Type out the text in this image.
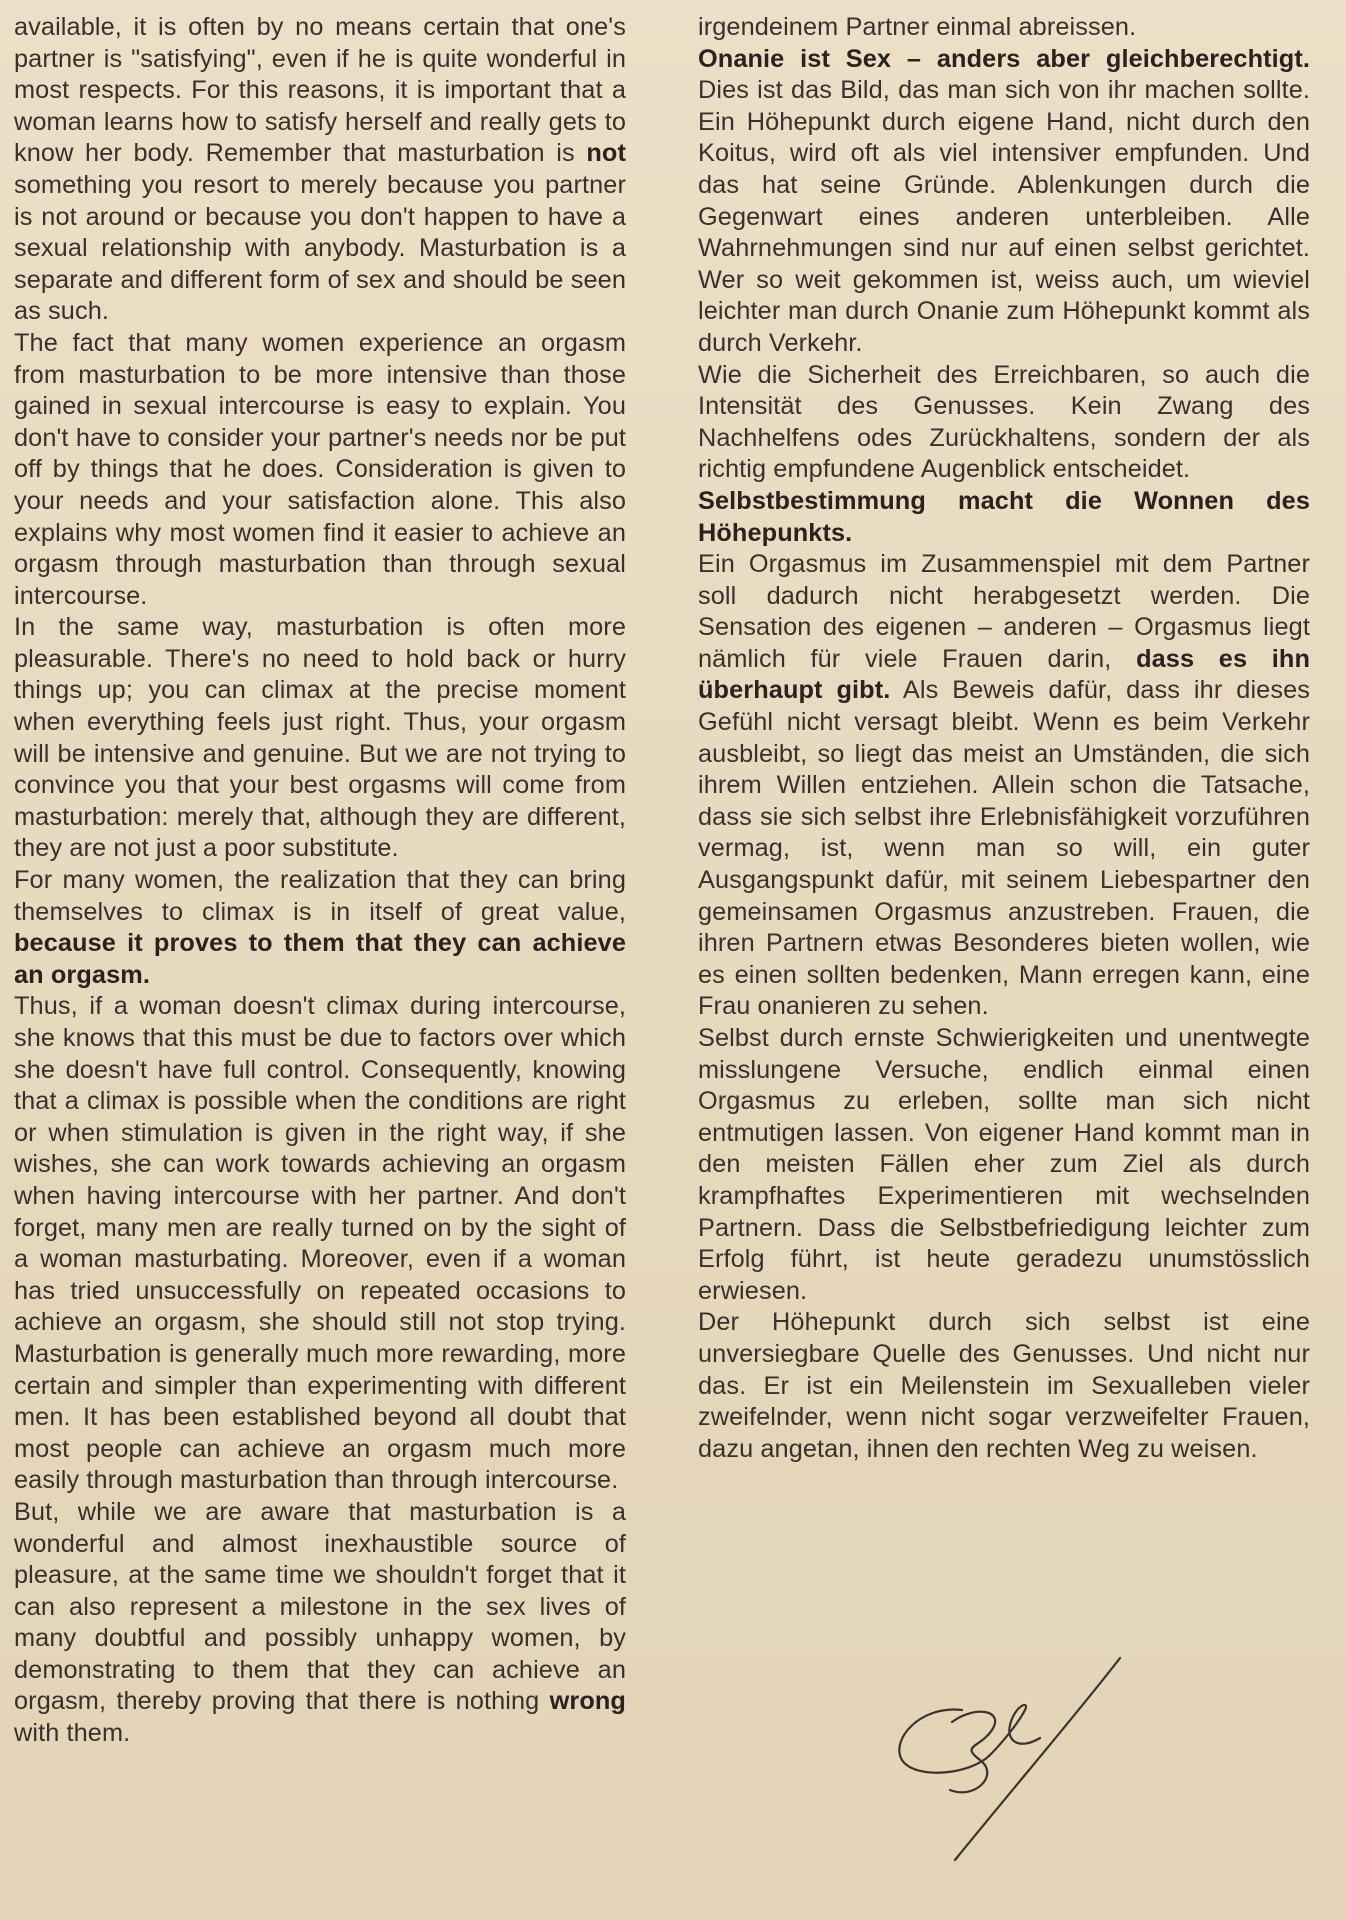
available, it is often by no means certain that one's partner is "satisfying", even if he is quite wonderful in most respects. For this reasons, it is important that a woman learns how to satisfy herself and really gets to know her body. Remember that masturbation is not something you resort to merely because you partner is not around or because you don't happen to have a sexual relationship with anybody. Masturbation is a separate and different form of sex and should be seen as such.

The fact that many women experience an orgasm from masturbation to be more intensive than those gained in sexual intercourse is easy to explain. You don't have to consider your partner's needs nor be put off by things that he does. Consideration is given to your needs and your satisfaction alone. This also explains why most women find it easier to achieve an orgasm through masturbation than through sexual intercourse.

In the same way, masturbation is often more pleasurable. There's no need to hold back or hurry things up; you can climax at the precise moment when everything feels just right. Thus, your orgasm will be intensive and genuine. But we are not trying to convince you that your best orgasms will come from masturbation: merely that, although they are different, they are not just a poor substitute.

For many women, the realization that they can bring themselves to climax is in itself of great value, because it proves to them that they can achieve an orgasm.

Thus, if a woman doesn't climax during intercourse, she knows that this must be due to factors over which she doesn't have full control. Consequently, knowing that a climax is possible when the conditions are right or when stimulation is given in the right way, if she wishes, she can work towards achieving an orgasm when having intercourse with her partner. And don't forget, many men are really turned on by the sight of a woman masturbating. Moreover, even if a woman has tried unsuccessfully on repeated occasions to achieve an orgasm, she should still not stop trying. Masturbation is generally much more rewarding, more certain and simpler than experimenting with different men. It has been established beyond all doubt that most people can achieve an orgasm much more easily through masturbation than through intercourse.

But, while we are aware that masturbation is a wonderful and almost inexhaustible source of pleasure, at the same time we shouldn't forget that it can also represent a milestone in the sex lives of many doubtful and possibly unhappy women, by demonstrating to them that they can achieve an orgasm, thereby proving that there is nothing wrong with them.

irgendeinem Partner einmal abreissen.

Onanie ist Sex – anders aber gleichberechtigt. Dies ist das Bild, das man sich von ihr machen sollte. Ein Höhepunkt durch eigene Hand, nicht durch den Koitus, wird oft als viel intensiver empfunden. Und das hat seine Gründe. Ablenkungen durch die Gegenwart eines anderen unterbleiben. Alle Wahrnehmungen sind nur auf einen selbst gerichtet. Wer so weit gekommen ist, weiss auch, um wieviel leichter man durch Onanie zum Höhepunkt kommt als durch Verkehr.

Wie die Sicherheit des Erreichbaren, so auch die Intensität des Genusses. Kein Zwang des Nachhelfens odes Zurückhaltens, sondern der als richtig empfundene Augenblick entscheidet.

Selbstbestimmung macht die Wonnen des Höhepunkts.

Ein Orgasmus im Zusammenspiel mit dem Partner soll dadurch nicht herabgesetzt werden. Die Sensation des eigenen – anderen – Orgasmus liegt nämlich für viele Frauen darin, dass es ihn überhaupt gibt. Als Beweis dafür, dass ihr dieses Gefühl nicht versagt bleibt. Wenn es beim Verkehr ausbleibt, so liegt das meist an Umständen, die sich ihrem Willen entziehen. Allein schon die Tatsache, dass sie sich selbst ihre Erlebnisfähigkeit vorzuführen vermag, ist, wenn man so will, ein guter Ausgangspunkt dafür, mit seinem Liebespartner den gemeinsamen Orgasmus anzustreben. Frauen, die ihren Partnern etwas Besonderes bieten wollen, wie es einen sollten bedenken, Mann erregen kann, eine Frau onanieren zu sehen.

Selbst durch ernste Schwierigkeiten und unentwegte misslungene Versuche, endlich einmal einen Orgasmus zu erleben, sollte man sich nicht entmutigen lassen. Von eigener Hand kommt man in den meisten Fällen eher zum Ziel als durch krampfhaftes Experimentieren mit wechselnden Partnern. Dass die Selbstbefriedigung leichter zum Erfolg führt, ist heute geradezu unumstösslich erwiesen.

Der Höhepunkt durch sich selbst ist eine unversiegbare Quelle des Genusses. Und nicht nur das. Er ist ein Meilenstein im Sexualleben vieler zweifelnder, wenn nicht sogar verzweifelter Frauen, dazu angetan, ihnen den rechten Weg zu weisen.
